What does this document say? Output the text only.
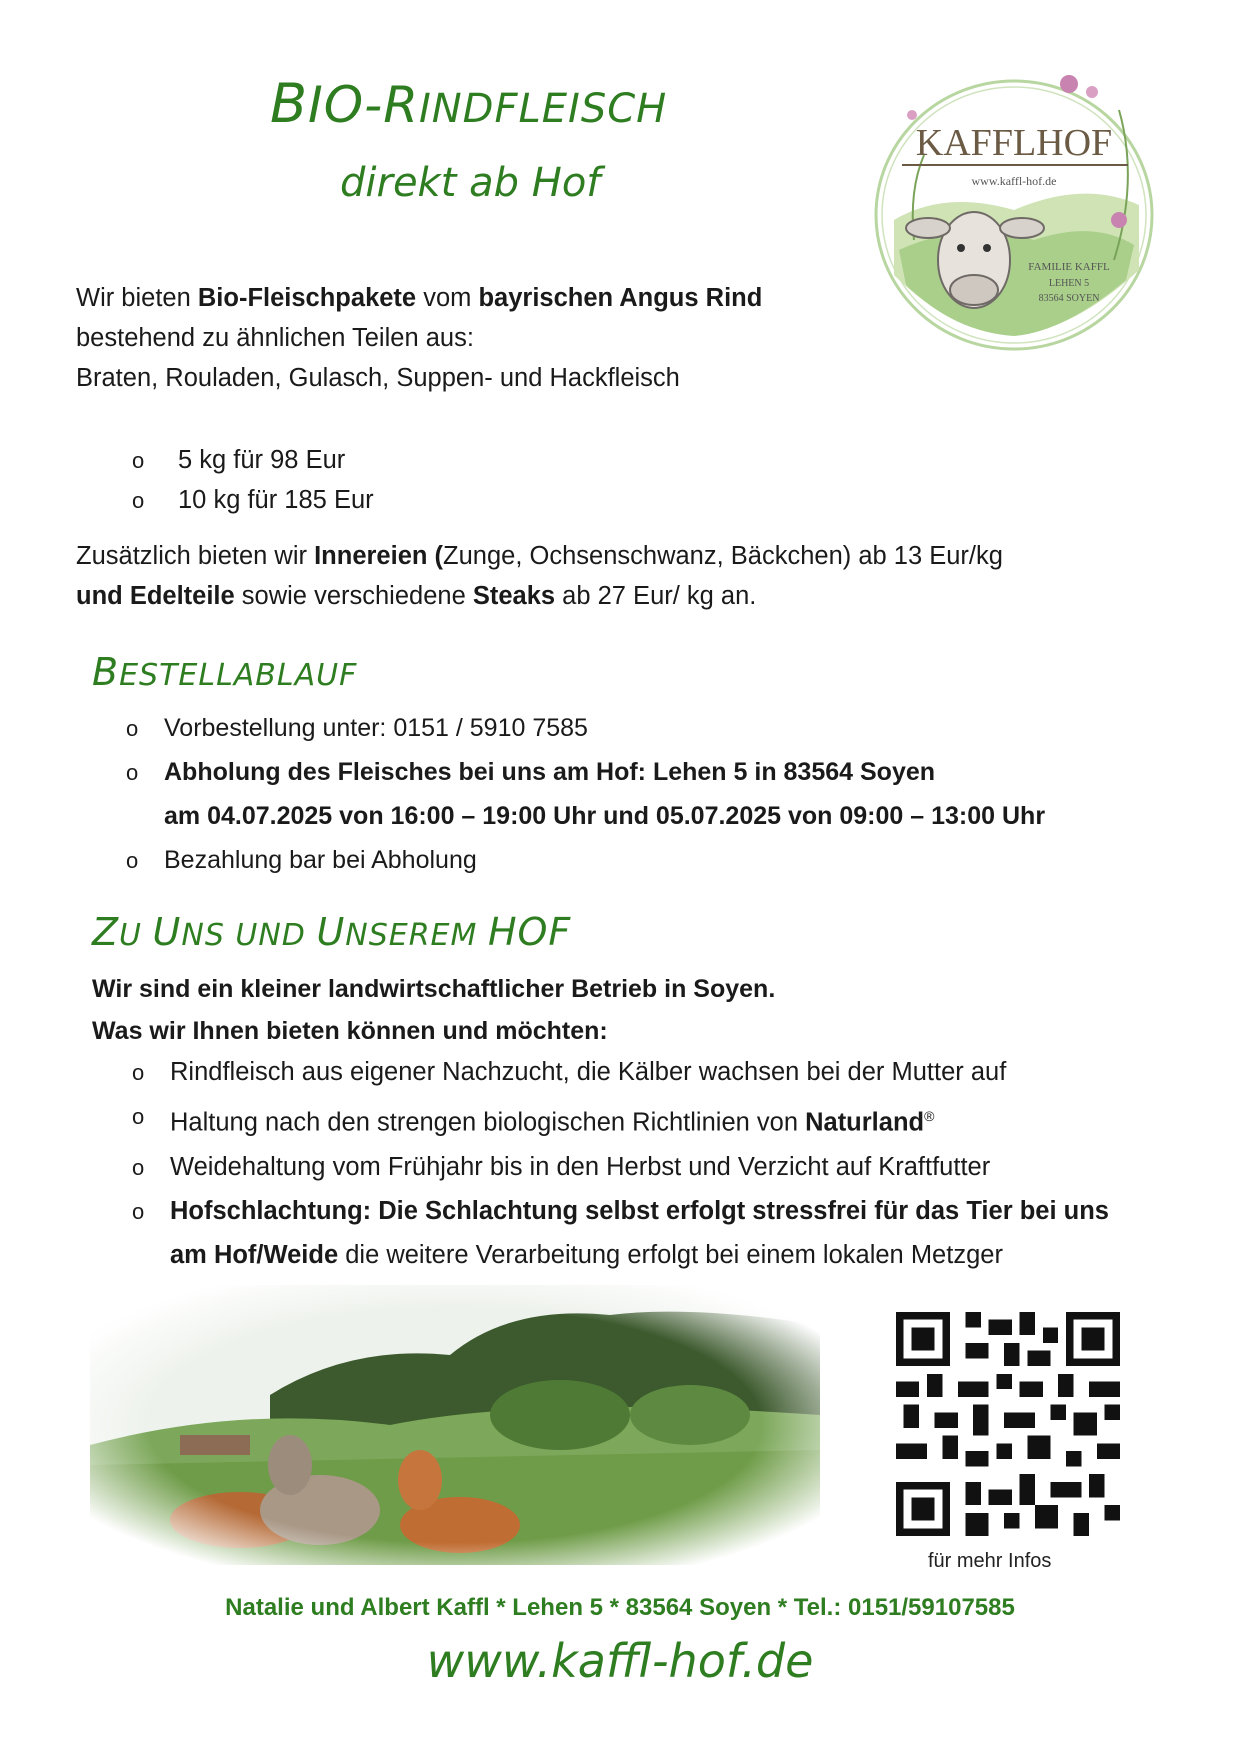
BIO-RINDFLEISCH
direkt ab Hof
KAFFLHOF
www.kaffl-hof.de
FAMILIE KAFFL
LEHEN 5
83564 SOYEN
Wir bieten Bio-Fleischpakete vom bayrischen Angus Rind
bestehend zu ähnlichen Teilen aus:
Braten, Rouladen, Gulasch, Suppen- und Hackfleisch
o 5 kg für 98 Eur
o 10 kg für 185 Eur
Zusätzlich bieten wir Innereien (Zunge, Ochsenschwanz, Bäckchen) ab 13 Eur/kg
und Edelteile sowie verschiedene Steaks ab 27 Eur/ kg an.
BESTELLABLAUF
o Vorbestellung unter: 0151 / 5910 7585
o Abholung des Fleisches bei uns am Hof: Lehen 5 in 83564 Soyen
am 04.07.2025 von 16:00 – 19:00 Uhr und 05.07.2025 von 09:00 – 13:00 Uhr
o Bezahlung bar bei Abholung
ZU UNS UND UNSEREM HOF
Wir sind ein kleiner landwirtschaftlicher Betrieb in Soyen.
Was wir Ihnen bieten können und möchten:
o Rindfleisch aus eigener Nachzucht, die Kälber wachsen bei der Mutter auf
o Haltung nach den strengen biologischen Richtlinien von Naturland®
o Weidehaltung vom Frühjahr bis in den Herbst und Verzicht auf Kraftfutter
o Hofschlachtung: Die Schlachtung selbst erfolgt stressfrei für das Tier bei uns
am Hof/Weide die weitere Verarbeitung erfolgt bei einem lokalen Metzger
für mehr Infos
Natalie und Albert Kaffl * Lehen 5 * 83564 Soyen * Tel.: 0151/59107585
www.kaffl-hof.de
